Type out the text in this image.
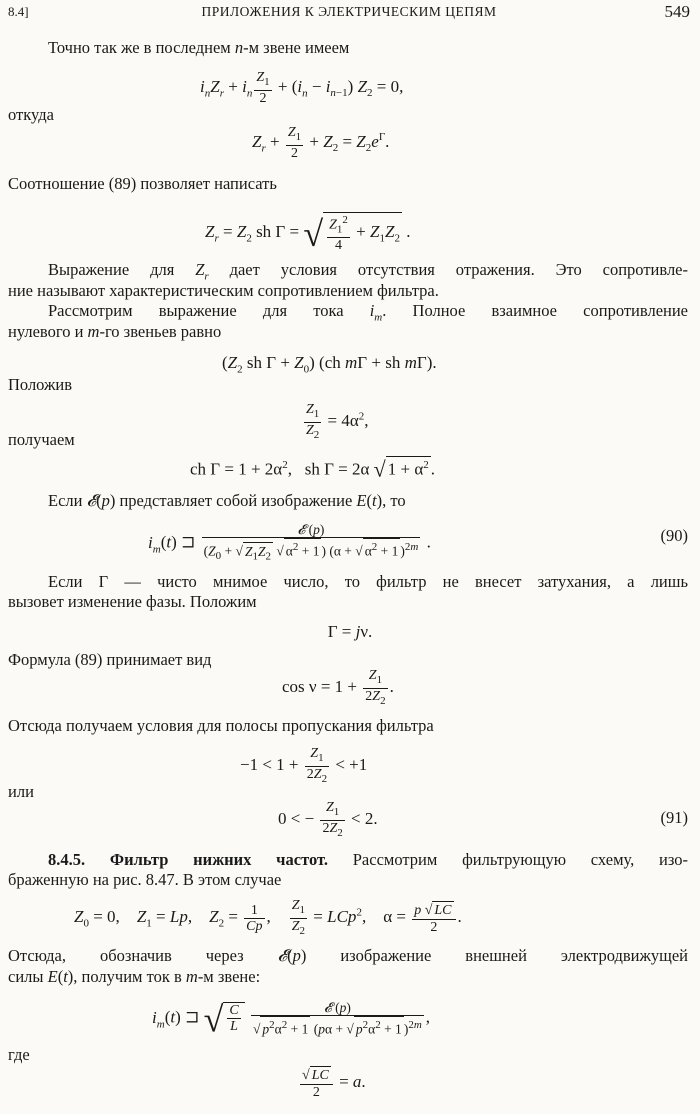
8.4]	ПРИЛОЖЕНИЯ К ЭЛЕКТРИЧЕСКИМ ЦЕПЯМ	549
Точно так же в последнем n-м звене имеем
$i_nZ_r + i_n \frac{Z_1}{2} + (i_n - i_{n-1}) Z_2 = 0$,
откуда
$Z_r + \frac{Z_1}{2} + Z_2 = Z_2e^\Gamma$.
Соотношение (89) позволяет написать
$Z_r = Z_2$ sh Γ = √ $\frac{Z_1^2}{4} + Z_1Z_2$ .
Выражение для $Z_r$ дает условия отсутствия отражения. Это сопротивле-
ние называют характеристическим сопротивлением фильтра.
Рассмотрим выражение для тока $i_m$. Полное взаимное сопротивление
нулевого и m-го звеньев равно
($Z_2$ sh $\Gamma + Z_0$) (ch mΓ + sh mΓ).
Положив
$\frac{Z_1}{Z_2} = 4\alpha^2$,
получаем
ch $\Gamma = 1 + 2\alpha^2$,   sh Γ = 2α √ $1 + \alpha^2$ .
Если 𝓔(p) представляет собой изображение E(t), то
$i_m(t)$ ⊐
𝓔 (p)
($Z_0$ + √ $Z_1Z_2$ √ $\alpha^2 + 1$ ) (α + √ $\alpha^2 + 1$ )$^{2m}$ .	(90)
Если Γ — чисто мнимое число, то фильтр не внесет затухания, а лишь
вызовет изменение фазы. Положим
Γ = jν.
Формула (89) принимает вид
$\cos \nu = 1 + \frac{Z_1}{2Z_2}$ .
Отсюда получаем условия для полосы пропускания фильтра
$-1 < 1 + \frac{Z_1}{2Z_2} < +1$
или
0 < − $\frac{Z_1}{2Z_2} < 2$.	(91)
8.4.5. Фильтр нижних частот. Рассмотрим фильтрующую схему, изо-
браженную на рис. 8.47. В этом случае
$Z_0 = 0$,    $Z_1 = Lp$,    $Z_2 = \frac{1}{Cp}$ , $\frac{Z_1}{Z_2} = LCp^2$,    $\alpha = \frac{p √ LC}{2}$ .
Отсюда, обозначив через 𝓔(p) изображение внешней электродвижущей
силы E(t), получим ток в m-м звене:
$i_m(t)$ ⊐ √ $\frac{C}{L}$
	𝓔 (p)
√ $p^2\alpha^2 + 1$ (pα + √ $p^2\alpha^2 + 1$ )$^{2m}$ ,
где
$\frac{√ LC}{2} = a$.
